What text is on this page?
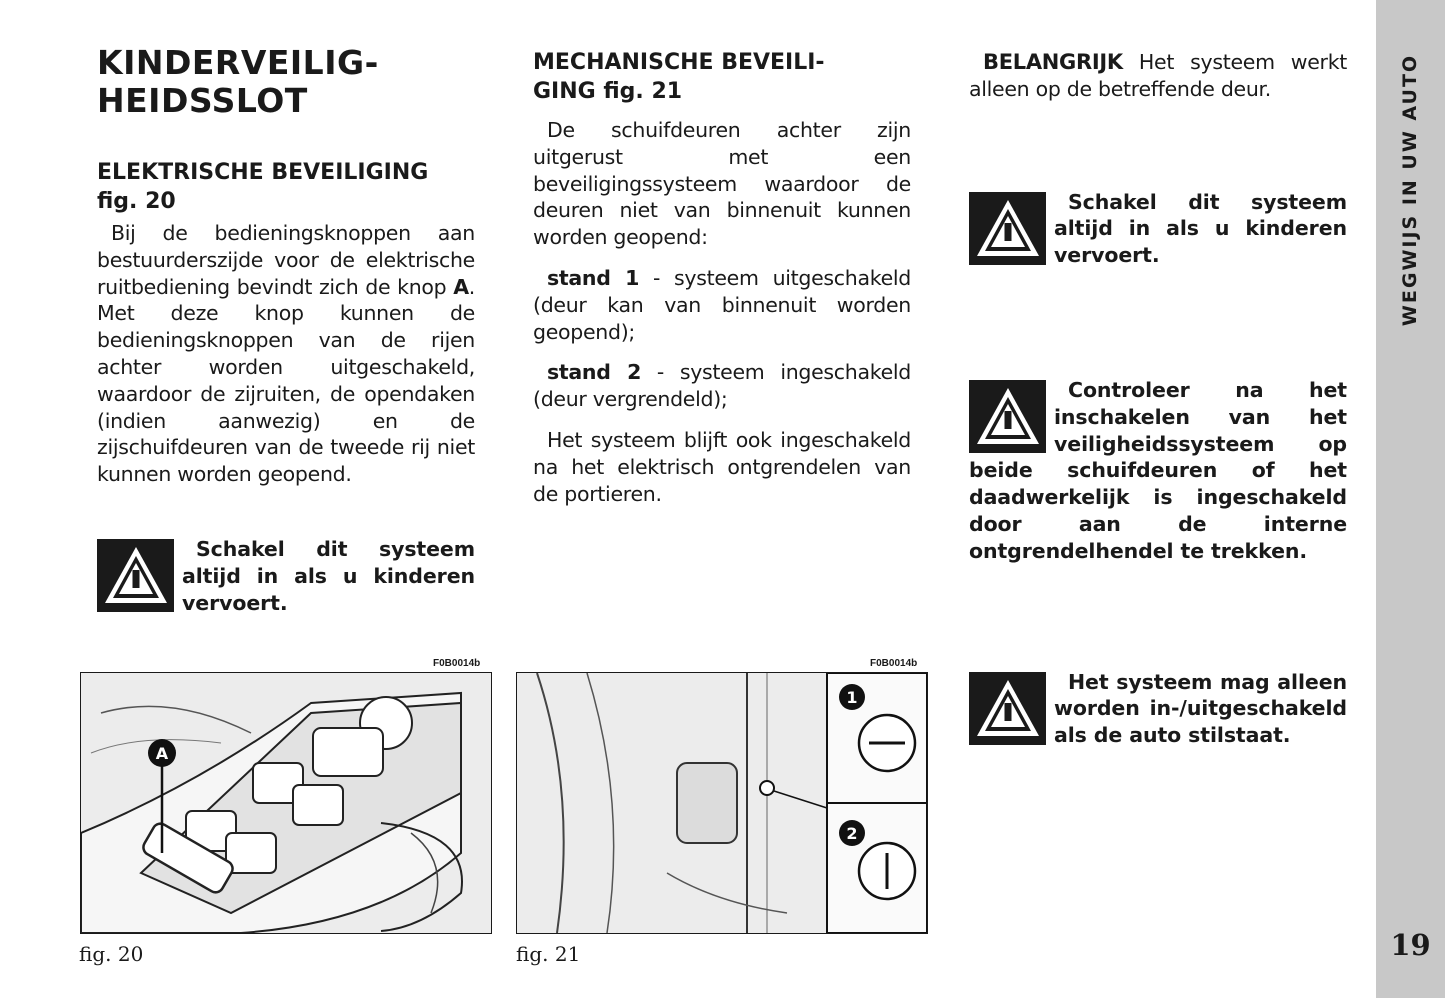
KINDERVEILIG-
HEIDSSLOT
ELEKTRISCHE BEVEILIGING
fig. 20

Bij de bedieningsknoppen aan bestuurderszijde voor de elektrische ruitbediening bevindt zich de knop A. Met deze knop kunnen de bedieningsknoppen van de rijen achter worden uitgeschakeld, waardoor de zijruiten, de opendaken (indien aanwezig) en de zijschuifdeuren van de tweede rij niet kunnen worden geopend.

Schakel dit systeem altijd in als u kinderen vervoert.
MECHANISCHE BEVEILI-
GING fig. 21

De schuifdeuren achter zijn uitgerust met een beveiligingssysteem waardoor de deuren niet van binnenuit kunnen worden geopend:

stand 1 - systeem uitgeschakeld (deur kan van binnenuit worden geopend);

stand 2 - systeem ingeschakeld (deur vergrendeld);

Het systeem blijft ook ingeschakeld na het elektrisch ontgrendelen van de portieren.

BELANGRIJK Het systeem werkt alleen op de betreffende deur.

Schakel dit systeem altijd in als u kinderen vervoert.
Controleer na het inschakelen van het veiligheidssysteem op beide schuifdeuren of het daadwerkelijk is ingeschakeld door aan de interne ontgrendelhendel te trekken.
Het systeem mag alleen worden in-/uitgeschakeld als de auto stilstaat.
F0B0014b
A
fig. 20
F0B0014b
1
2
fig. 21
WEGWIJS IN UW AUTO
19
